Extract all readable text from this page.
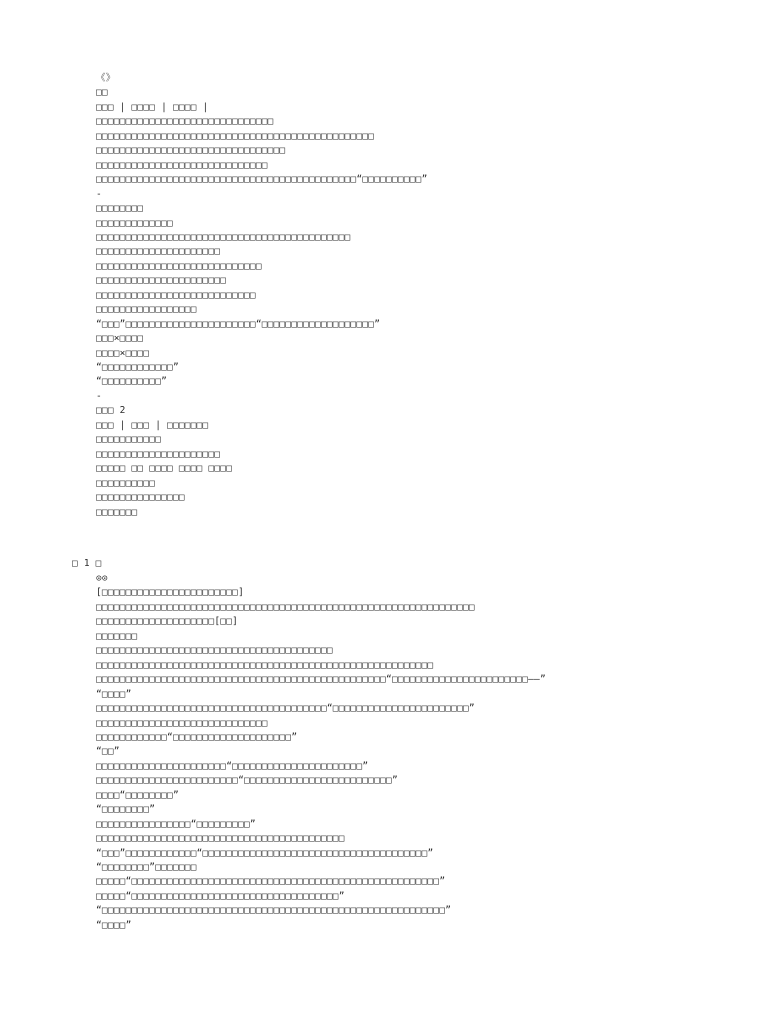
《》
□□
□□□ | □□□□ | □□□□ |
□□□□□□□□□□□□□□□□□□□□□□□□□□□□□□
□□□□□□□□□□□□□□□□□□□□□□□□□□□□□□□□□□□□□□□□□□□□□□□
□□□□□□□□□□□□□□□□□□□□□□□□□□□□□□□□
□□□□□□□□□□□□□□□□□□□□□□□□□□□□□
□□□□□□□□□□□□□□□□□□□□□□□□□□□□□□□□□□□□□□□□□□□□“□□□□□□□□□□”
-
□□□□□□□□
□□□□□□□□□□□□□
□□□□□□□□□□□□□□□□□□□□□□□□□□□□□□□□□□□□□□□□□□□
□□□□□□□□□□□□□□□□□□□□□
□□□□□□□□□□□□□□□□□□□□□□□□□□□□
□□□□□□□□□□□□□□□□□□□□□□
□□□□□□□□□□□□□□□□□□□□□□□□□□□
□□□□□□□□□□□□□□□□□
“□□□”□□□□□□□□□□□□□□□□□□□□□□“□□□□□□□□□□□□□□□□□□□”
□□□×□□□□
□□□□×□□□□
“□□□□□□□□□□□□”
“□□□□□□□□□□”
-
□□□ 2
□□□ | □□□ | □□□□□□□
□□□□□□□□□□□
□□□□□□□□□□□□□□□□□□□□□
□□□□□ □□ □□□□ □□□□ □□□□
□□□□□□□□□□
□□□□□□□□□□□□□□□
□□□□□□□
□ 1 □
⊙⊙
[□□□□□□□□□□□□□□□□□□□□□□□]
□□□□□□□□□□□□□□□□□□□□□□□□□□□□□□□□□□□□□□□□□□□□□□□□□□□□□□□□□□□□□□□□
□□□□□□□□□□□□□□□□□□□□[□□]
□□□□□□□
□□□□□□□□□□□□□□□□□□□□□□□□□□□□□□□□□□□□□□□□
□□□□□□□□□□□□□□□□□□□□□□□□□□□□□□□□□□□□□□□□□□□□□□□□□□□□□□□□□
□□□□□□□□□□□□□□□□□□□□□□□□□□□□□□□□□□□□□□□□□□□□□□□□□“□□□□□□□□□□□□□□□□□□□□□□□——”
“□□□□”
□□□□□□□□□□□□□□□□□□□□□□□□□□□□□□□□□□□□□□□“□□□□□□□□□□□□□□□□□□□□□□□”
□□□□□□□□□□□□□□□□□□□□□□□□□□□□□
□□□□□□□□□□□□“□□□□□□□□□□□□□□□□□□□□”
“□□”
□□□□□□□□□□□□□□□□□□□□□□“□□□□□□□□□□□□□□□□□□□□□□”
□□□□□□□□□□□□□□□□□□□□□□□□“□□□□□□□□□□□□□□□□□□□□□□□□□”
□□□□“□□□□□□□□”
“□□□□□□□□”
□□□□□□□□□□□□□□□□“□□□□□□□□□”
□□□□□□□□□□□□□□□□□□□□□□□□□□□□□□□□□□□□□□□□□□
“□□□”□□□□□□□□□□□□“□□□□□□□□□□□□□□□□□□□□□□□□□□□□□□□□□□□□□□”
“□□□□□□□□”□□□□□□□
□□□□□“□□□□□□□□□□□□□□□□□□□□□□□□□□□□□□□□□□□□□□□□□□□□□□□□□□□□”
□□□□□“□□□□□□□□□□□□□□□□□□□□□□□□□□□□□□□□□□□”
“□□□□□□□□□□□□□□□□□□□□□□□□□□□□□□□□□□□□□□□□□□□□□□□□□□□□□□□□□□”
“□□□□”
